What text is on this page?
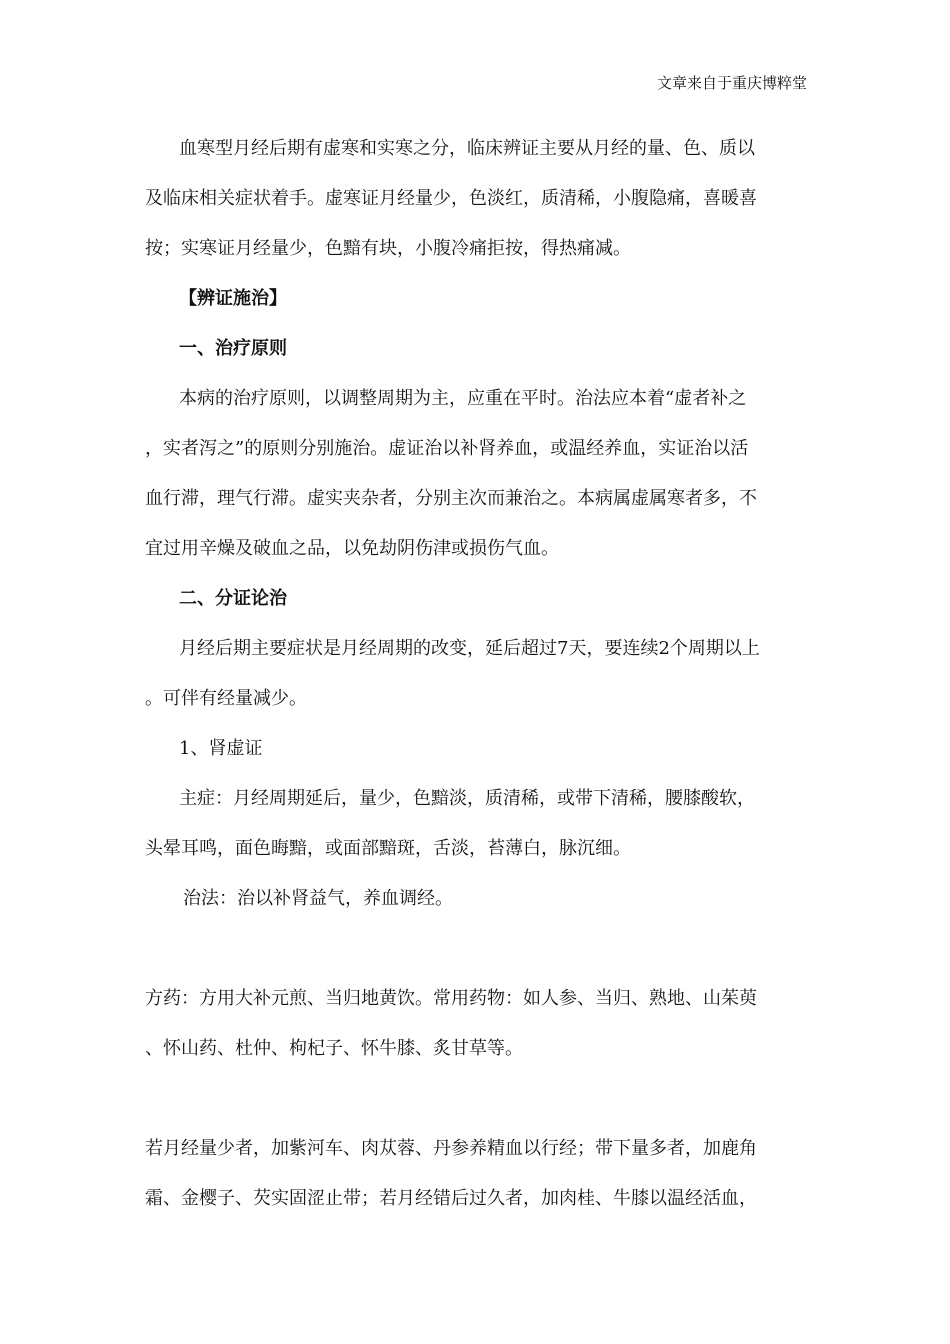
文章来自于重庆博粹堂
血寒型月经后期有虚寒和实寒之分，临床辨证主要从月经的量、色、质以
及临床相关症状着手。虚寒证月经量少，色淡红，质清稀，小腹隐痛，喜暖喜
按；实寒证月经量少，色黯有块，小腹冷痛拒按，得热痛减。
【辨证施治】
一、治疗原则
本病的治疗原则，以调整周期为主，应重在平时。治法应本着“虚者补之
，实者泻之”的原则分别施治。虚证治以补肾养血，或温经养血，实证治以活
血行滞，理气行滞。虚实夹杂者，分别主次而兼治之。本病属虚属寒者多，不
宜过用辛燥及破血之品，以免劫阴伤津或损伤气血。
二、分证论治
月经后期主要症状是月经周期的改变，延后超过7天，要连续2个周期以上
。可伴有经量减少。
1、肾虚证
主症：月经周期延后，量少，色黯淡，质清稀，或带下清稀，腰膝酸软，
头晕耳鸣，面色晦黯，或面部黯斑，舌淡，苔薄白，脉沉细。
治法：治以补肾益气，养血调经。
方药：方用大补元煎、当归地黄饮。常用药物：如人参、当归、熟地、山茱萸
、怀山药、杜仲、枸杞子、怀牛膝、炙甘草等。
若月经量少者，加紫河车、肉苁蓉、丹参养精血以行经；带下量多者，加鹿角
霜、金樱子、芡实固涩止带；若月经错后过久者，加肉桂、牛膝以温经活血，
